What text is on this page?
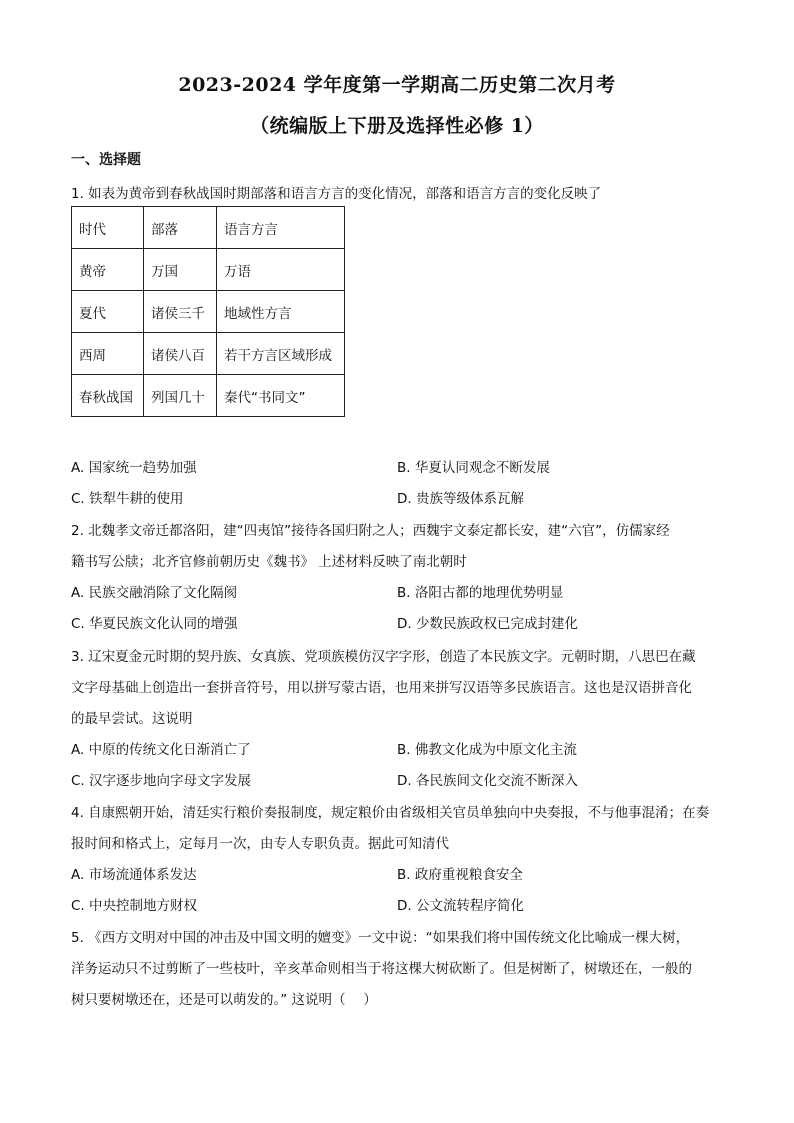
2023-2024 学年度第一学期高二历史第二次月考
（统编版上下册及选择性必修 1）
一、选择题
1. 如表为黄帝到春秋战国时期部落和语言方言的变化情况，部落和语言方言的变化反映了
时代	部落	语言方言
黄帝	万国	万语
夏代	诸侯三千	地域性方言
西周	诸侯八百	若干方言区域形成
春秋战国	列国几十	秦代“书同文”
A. 国家统一趋势加强	B. 华夏认同观念不断发展
C. 铁犁牛耕的使用	D. 贵族等级体系瓦解
2. 北魏孝文帝迁都洛阳，建“四夷馆”接待各国归附之人；西魏宇文泰定都长安，建“六官”，仿儒家经
籍书写公牍；北齐官修前朝历史《魏书》 上述材料反映了南北朝时
A. 民族交融消除了文化隔阂	B. 洛阳古都的地理优势明显
C. 华夏民族文化认同的增强	D. 少数民族政权已完成封建化
3. 辽宋夏金元时期的契丹族、女真族、党项族模仿汉字字形，创造了本民族文字。元朝时期，八思巴在藏
文字母基础上创造出一套拼音符号，用以拼写蒙古语，也用来拼写汉语等多民族语言。这也是汉语拼音化
的最早尝试。这说明
A. 中原的传统文化日渐消亡了	B. 佛教文化成为中原文化主流
C. 汉字逐步地向字母文字发展	D. 各民族间文化交流不断深入
4. 自康熙朝开始，清廷实行粮价奏报制度，规定粮价由省级相关官员单独向中央奏报，不与他事混淆；在奏
报时间和格式上，定每月一次，由专人专职负责。据此可知清代
A. 市场流通体系发达	B. 政府重视粮食安全
C. 中央控制地方财权	D. 公文流转程序简化
5. 《西方文明对中国的冲击及中国文明的嬗变》一文中说：“如果我们将中国传统文化比喻成一棵大树，
洋务运动只不过剪断了一些枝叶，辛亥革命则相当于将这棵大树砍断了。但是树断了，树墩还在，一般的
树只要树墩还在，还是可以萌发的。” 这说明（　 ）
